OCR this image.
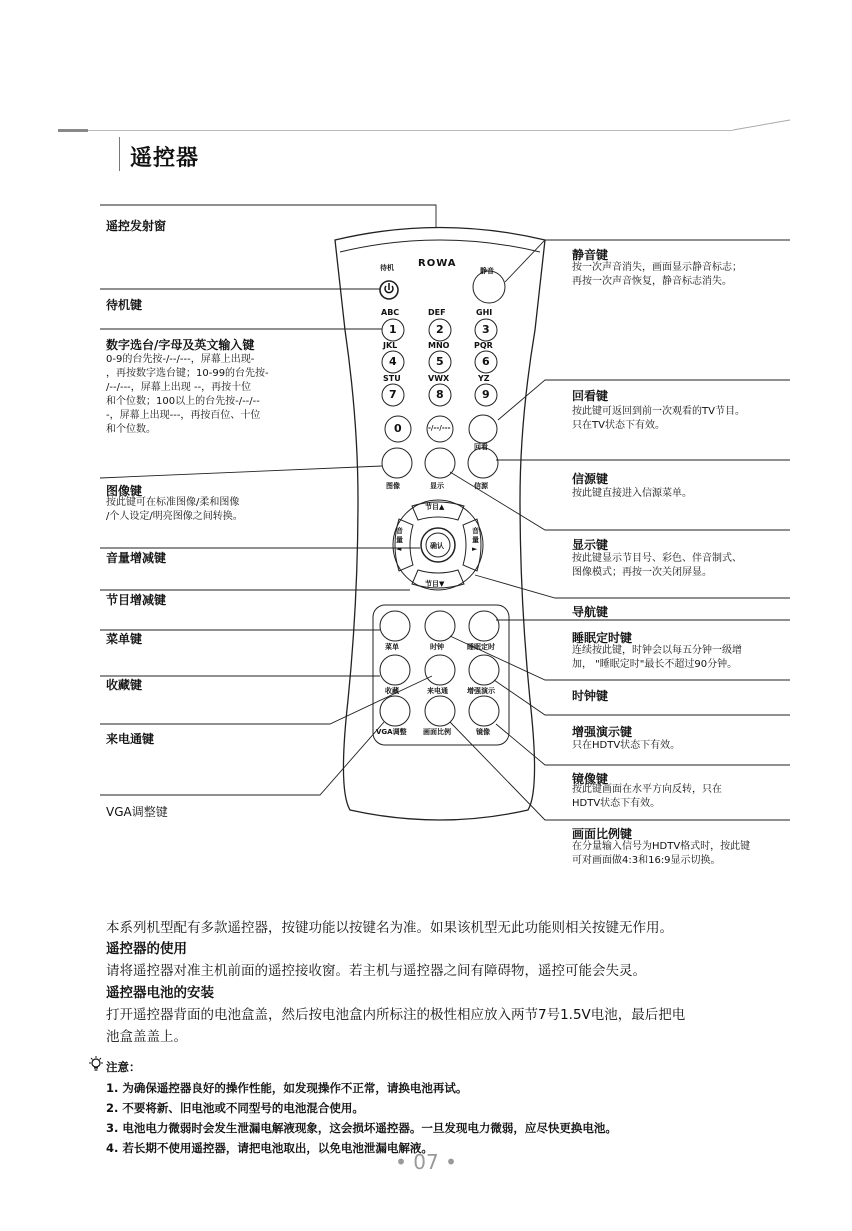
遥控器
待机 ROWA
静音
ABC	DEF	GHI
1	2	3
JKL	MNO	PQR
4	5	6
STU	VWX	YZ
7	8	9
0	-/--/---
回看
图像	显示	信源
节目▲
节目▼
音量◄
音量►
确认
菜单	时钟	睡眠定时
收藏	来电通	增强演示
VGA调整 画面比例	镜像
遥控发射窗
待机键
数字选台/字母及英文输入键
0-9的台先按-/--/---，屏幕上出现-
，再按数字选台键；10-99的台先按-
/--/---，屏幕上出现 --，再按十位
和个位数；100以上的台先按-/--/--
-，屏幕上出现---，再按百位、十位
和个位数。
图像键
按此键可在标准图像/柔和图像
/个人设定/明亮图像之间转换。
音量增减键
节目增减键
菜单键
收藏键
来电通键
VGA调整键
静音键
按一次声音消失，画面显示静音标志；
再按一次声音恢复，静音标志消失。
回看键
按此键可返回到前一次观看的TV节目。
只在TV状态下有效。
信源键
按此键直接进入信源菜单。
显示键
按此键显示节目号、彩色、伴音制式、
图像模式；再按一次关闭屏显。
导航键
睡眠定时键
连续按此键，时钟会以每五分钟一级增
加， "睡眠定时"最长不超过90分钟。
时钟键
增强演示键
只在HDTV状态下有效。
镜像键
按此键画面在水平方向反转，只在
HDTV状态下有效。
画面比例键
在分量输入信号为HDTV格式时，按此键
可对画面做4:3和16:9显示切换。
本系列机型配有多款遥控器，按键功能以按键名为准。如果该机型无此功能则相关按键无作用。
遥控器的使用
请将遥控器对准主机前面的遥控接收窗。若主机与遥控器之间有障碍物，遥控可能会失灵。
遥控器电池的安装
打开遥控器背面的电池盒盖，然后按电池盒内所标注的极性相应放入两节7号1.5V电池，最后把电
池盒盖盖上。
注意：
1. 为确保遥控器良好的操作性能，如发现操作不正常，请换电池再试。
2. 不要将新、旧电池或不同型号的电池混合使用。
3. 电池电力微弱时会发生泄漏电解液现象，这会损坏遥控器。一旦发现电力微弱，应尽快更换电池。
4. 若长期不使用遥控器，请把电池取出，以免电池泄漏电解液。
• 07 •
